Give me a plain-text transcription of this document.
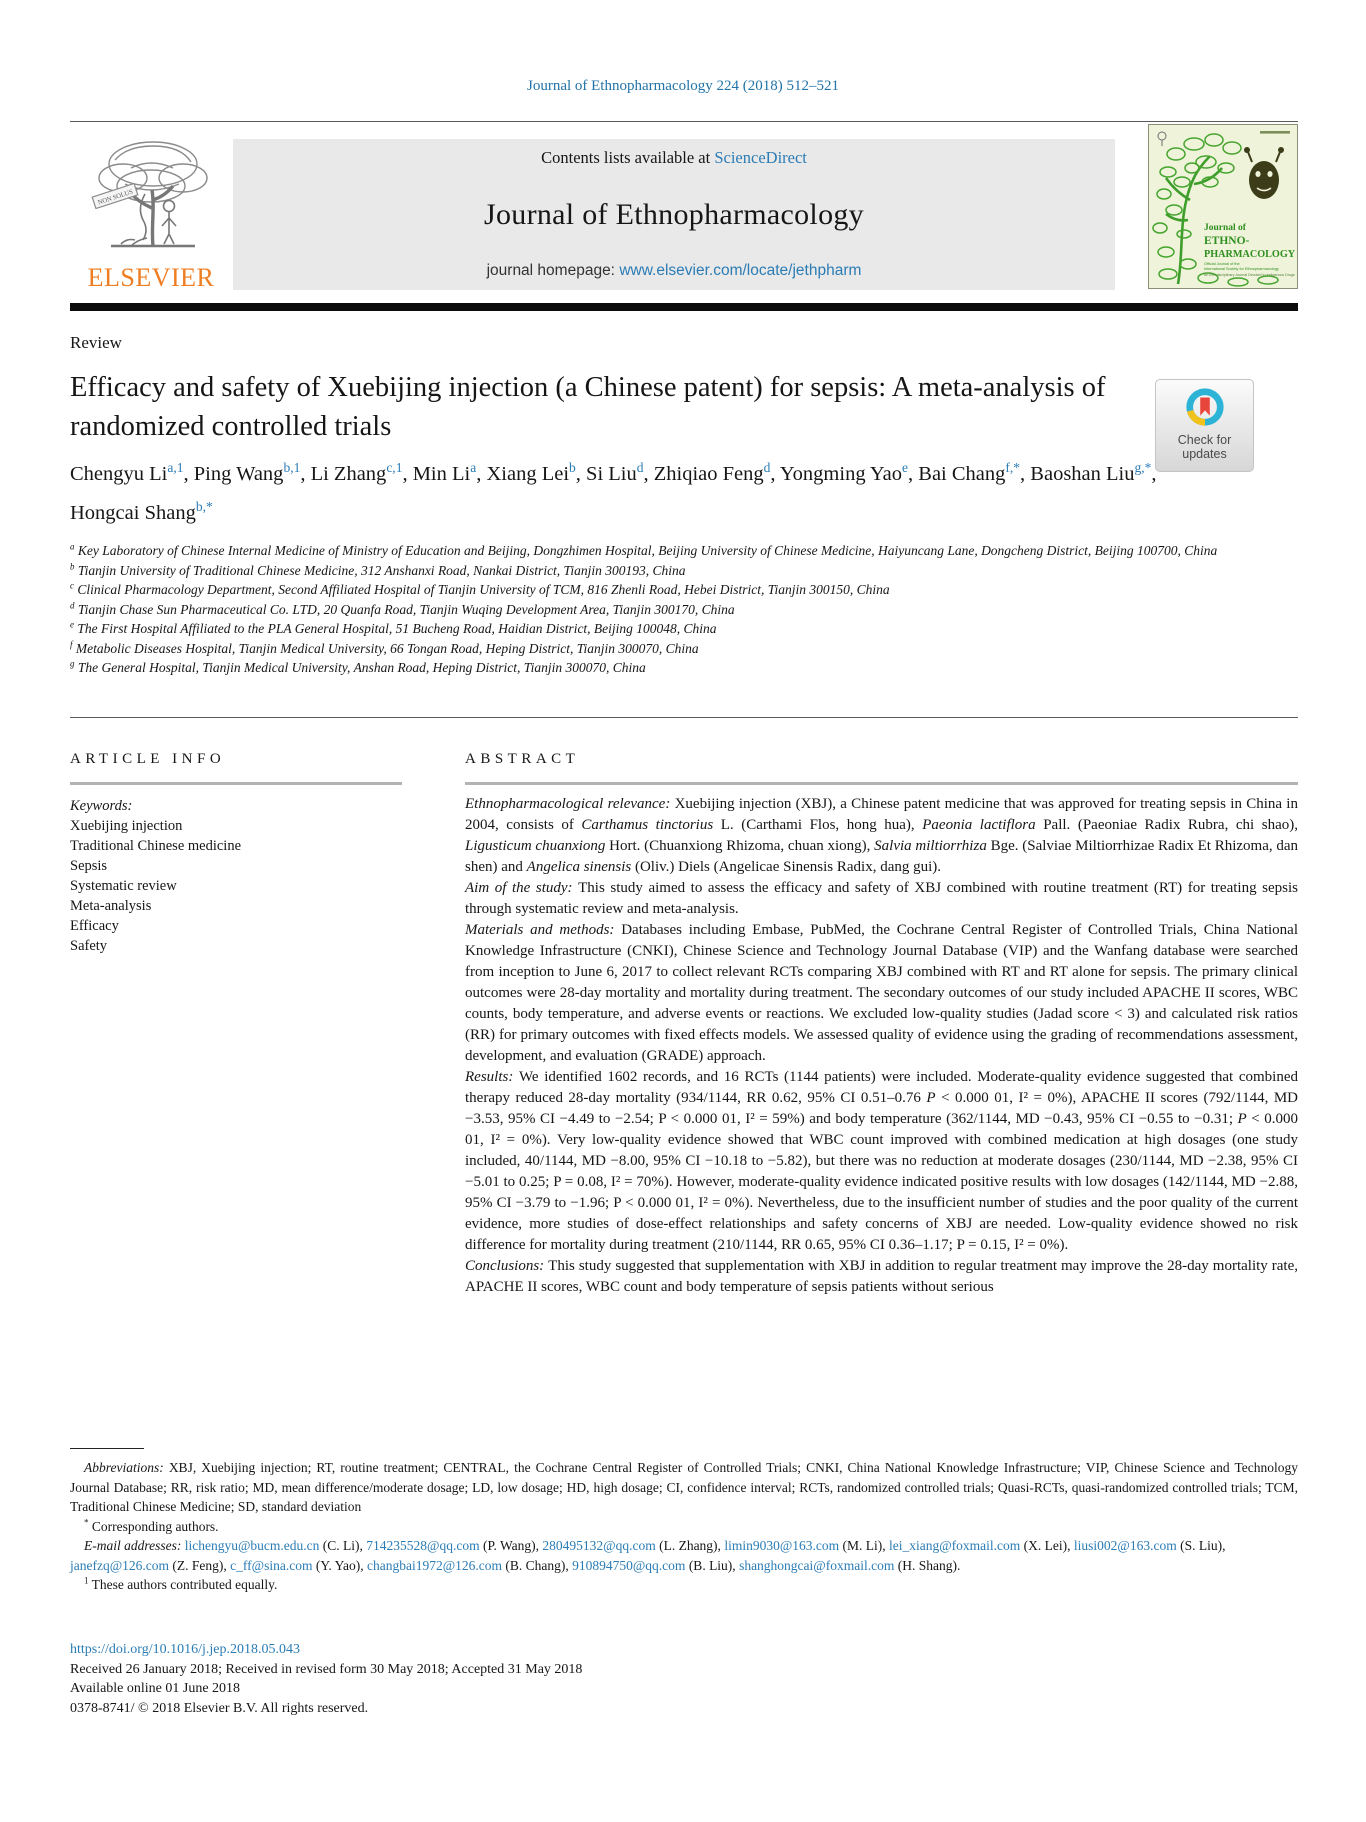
Journal of Ethnopharmacology 224 (2018) 512–521
NON SOLUS
ELSEVIER
Contents lists available at ScienceDirect
Journal of Ethnopharmacology
journal homepage: www.elsevier.com/locate/jethpharm
Journal of
ETHNO-
PHARMACOLOGY
Official Journal of the
International Society for Ethnopharmacology
An Interdisciplinary Journal Devoted to Indigenous Drugs
Review
Efficacy and safety of Xuebijing injection (a Chinese patent) for sepsis: A meta-analysis of randomized controlled trials	Check for
updates
Chengyu Li$^{a,1}$, Ping Wang$^{b,1}$, Li Zhang$^{c,1}$, Min Li$^a$, Xiang Lei$^b$, Si Liu$^d$, Zhiqiao Feng$^d$, Yongming Yao$^e$, Bai Chang$^{f,*}$, Baoshan Liu$^{g,*}$, Hongcai Shang$^{b,*}$
$^a$ Key Laboratory of Chinese Internal Medicine of Ministry of Education and Beijing, Dongzhimen Hospital, Beijing University of Chinese Medicine, Haiyuncang Lane, Dongcheng District, Beijing 100700, China
$^b$ Tianjin University of Traditional Chinese Medicine, 312 Anshanxi Road, Nankai District, Tianjin 300193, China
$^c$ Clinical Pharmacology Department, Second Affiliated Hospital of Tianjin University of TCM, 816 Zhenli Road, Hebei District, Tianjin 300150, China
$^d$ Tianjin Chase Sun Pharmaceutical Co. LTD, 20 Quanfa Road, Tianjin Wuqing Development Area, Tianjin 300170, China
$^e$ The First Hospital Affiliated to the PLA General Hospital, 51 Bucheng Road, Haidian District, Beijing 100048, China
$^f$ Metabolic Diseases Hospital, Tianjin Medical University, 66 Tongan Road, Heping District, Tianjin 300070, China
$^g$ The General Hospital, Tianjin Medical University, Anshan Road, Heping District, Tianjin 300070, China
ARTICLE INFO
Keywords:
Xuebijing injection
Traditional Chinese medicine
Sepsis
Systematic review
Meta-analysis
Efficacy
Safety
ABSTRACT

Ethnopharmacological relevance: Xuebijing injection (XBJ), a Chinese patent medicine that was approved for treating sepsis in China in 2004, consists of Carthamus tinctorius L. (Carthami Flos, hong hua), Paeonia lactiflora Pall. (Paeoniae Radix Rubra, chi shao), Ligusticum chuanxiong Hort. (Chuanxiong Rhizoma, chuan xiong), Salvia miltiorrhiza Bge. (Salviae Miltiorrhizae Radix Et Rhizoma, dan shen) and Angelica sinensis (Oliv.) Diels (Angelicae Sinensis Radix, dang gui).

Aim of the study: This study aimed to assess the efficacy and safety of XBJ combined with routine treatment (RT) for treating sepsis through systematic review and meta-analysis.

Materials and methods: Databases including Embase, PubMed, the Cochrane Central Register of Controlled Trials, China National Knowledge Infrastructure (CNKI), Chinese Science and Technology Journal Database (VIP) and the Wanfang database were searched from inception to June 6, 2017 to collect relevant RCTs comparing XBJ combined with RT and RT alone for sepsis. The primary clinical outcomes were 28-day mortality and mortality during treatment. The secondary outcomes of our study included APACHE II scores, WBC counts, body temperature, and adverse events or reactions. We excluded low-quality studies (Jadad score < 3) and calculated risk ratios (RR) for primary outcomes with fixed effects models. We assessed quality of evidence using the grading of recommendations assessment, development, and evaluation (GRADE) approach.

Results: We identified 1602 records, and 16 RCTs (1144 patients) were included. Moderate-quality evidence suggested that combined therapy reduced 28-day mortality (934/1144, RR 0.62, 95% CI 0.51–0.76 P < 0.000 01, I² = 0%), APACHE II scores (792/1144, MD −3.53, 95% CI −4.49 to −2.54; P < 0.000 01, I² = 59%) and body temperature (362/1144, MD −0.43, 95% CI −0.55 to −0.31; P < 0.000 01, I² = 0%). Very low-quality evidence showed that WBC count improved with combined medication at high dosages (one study included, 40/1144, MD −8.00, 95% CI −10.18 to −5.82), but there was no reduction at moderate dosages (230/1144, MD −2.38, 95% CI −5.01 to 0.25; P = 0.08, I² = 70%). However, moderate-quality evidence indicated positive results with low dosages (142/1144, MD −2.88, 95% CI −3.79 to −1.96; P < 0.000 01, I² = 0%). Nevertheless, due to the insufficient number of studies and the poor quality of the current evidence, more studies of dose-effect relationships and safety concerns of XBJ are needed. Low-quality evidence showed no risk difference for mortality during treatment (210/1144, RR 0.65, 95% CI 0.36–1.17; P = 0.15, I² = 0%).

Conclusions: This study suggested that supplementation with XBJ in addition to regular treatment may improve the 28-day mortality rate, APACHE II scores, WBC count and body temperature of sepsis patients without serious

Abbreviations: XBJ, Xuebijing injection; RT, routine treatment; CENTRAL, the Cochrane Central Register of Controlled Trials; CNKI, China National Knowledge Infrastructure; VIP, Chinese Science and Technology Journal Database; RR, risk ratio; MD, mean difference/moderate dosage; LD, low dosage; HD, high dosage; CI, confidence interval; RCTs, randomized controlled trials; Quasi-RCTs, quasi-randomized controlled trials; TCM, Traditional Chinese Medicine; SD, standard deviation

* Corresponding authors.

E-mail addresses: lichengyu@bucm.edu.cn (C. Li), 714235528@qq.com (P. Wang), 280495132@qq.com (L. Zhang), limin9030@163.com (M. Li), lei_xiang@foxmail.com (X. Lei), liusi002@163.com (S. Liu), janefzq@126.com (Z. Feng), c_ff@sina.com (Y. Yao), changbai1972@126.com (B. Chang), 910894750@qq.com (B. Liu), shanghongcai@foxmail.com (H. Shang).

$^1$ These authors contributed equally.

https://doi.org/10.1016/j.jep.2018.05.043
Received 26 January 2018; Received in revised form 30 May 2018; Accepted 31 May 2018
Available online 01 June 2018
0378-8741/ © 2018 Elsevier B.V. All rights reserved.
